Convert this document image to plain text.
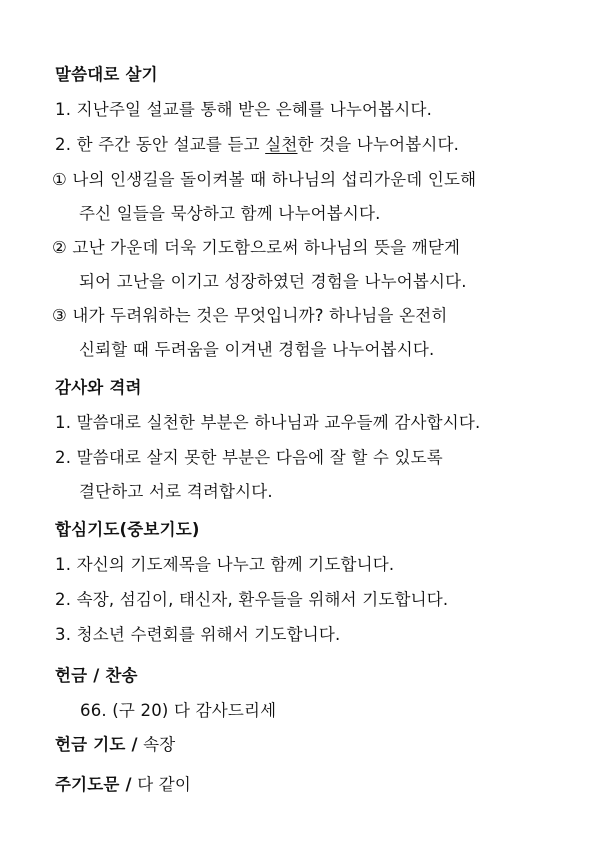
말씀대로 살기
1. 지난주일 설교를 통해 받은 은혜를 나누어봅시다.
2. 한 주간 동안 설교를 듣고 실천한 것을 나누어봅시다.
① 나의 인생길을 돌이켜볼 때 하나님의 섭리가운데 인도해
주신 일들을 묵상하고 함께 나누어봅시다.
② 고난 가운데 더욱 기도함으로써 하나님의 뜻을 깨닫게
되어 고난을 이기고 성장하였던 경험을 나누어봅시다.
③ 내가 두려워하는 것은 무엇입니까? 하나님을 온전히
신뢰할 때 두려움을 이겨낸 경험을 나누어봅시다.
감사와 격려
1. 말씀대로 실천한 부분은 하나님과 교우들께 감사합시다.
2. 말씀대로 살지 못한 부분은 다음에 잘 할 수 있도록
결단하고 서로 격려합시다.
합심기도(중보기도)
1. 자신의 기도제목을 나누고 함께 기도합니다.
2. 속장, 섬김이, 태신자, 환우들을 위해서 기도합니다.
3. 청소년 수련회를 위해서 기도합니다.
헌금 / 찬송
66. (구 20) 다 감사드리세
헌금 기도 / 속장
주기도문 / 다 같이
